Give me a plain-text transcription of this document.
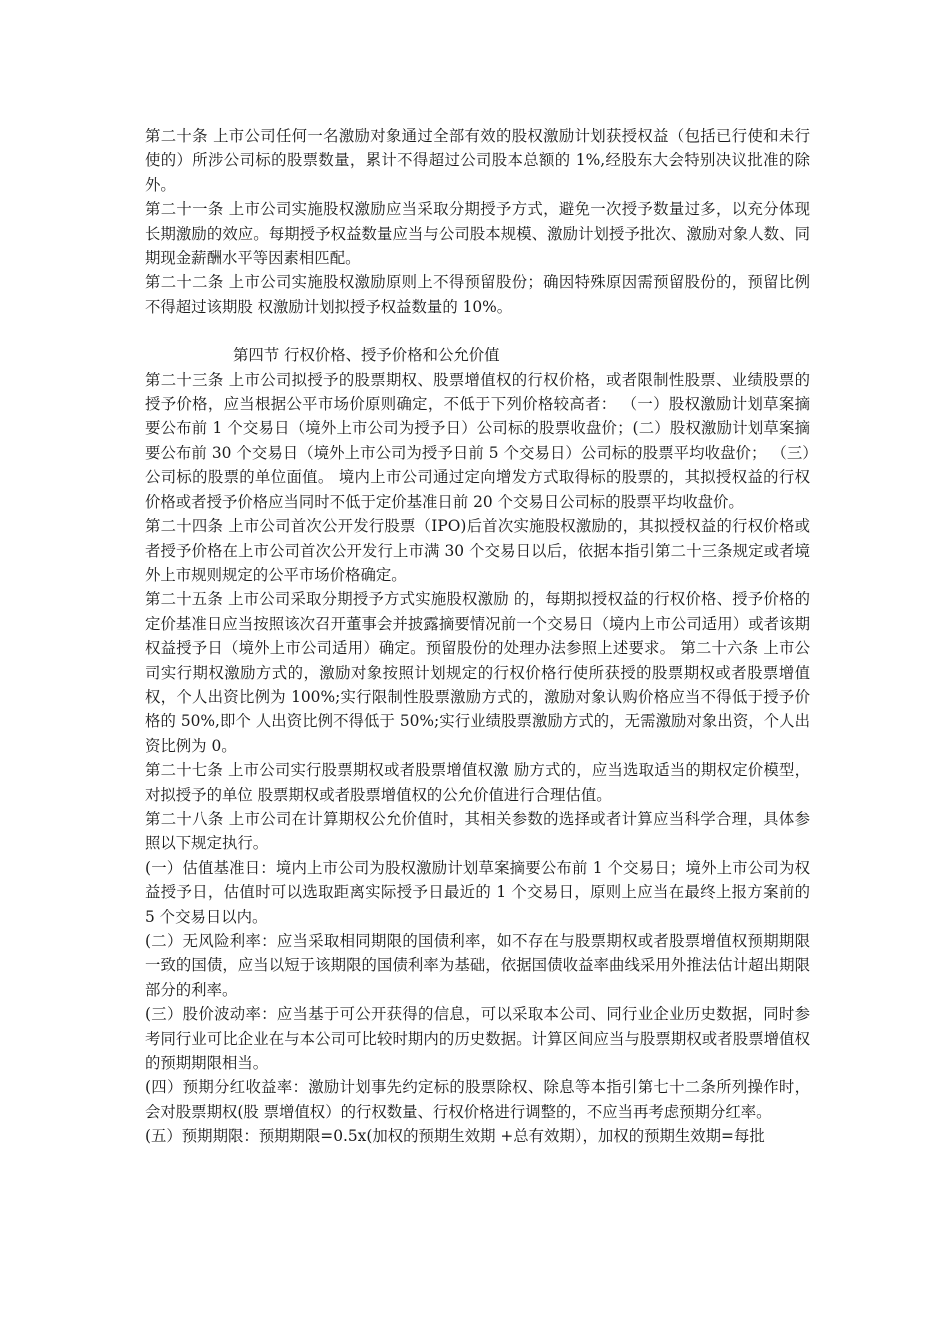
第二十条 上市公司任何一名激励对象通过全部有效的股权激励计划获授权益（包括已行使和未行使的）所涉公司标的股票数量，累计不得超过公司股本总额的 1%,经股东大会特别决议批准的除外。

第二十一条 上市公司实施股权激励应当采取分期授予方式，避免一次授予数量过多，以充分体现长期激励的效应。每期授予权益数量应当与公司股本规模、激励计划授予批次、激励对象人数、同期现金薪酬水平等因素相匹配。

第二十二条 上市公司实施股权激励原则上不得预留股份；确因特殊原因需预留股份的，预留比例不得超过该期股 权激励计划拟授予权益数量的 10%。

第四节 行权价格、授予价格和公允价值

第二十三条 上市公司拟授予的股票期权、股票增值权的行权价格，或者限制性股票、业绩股票的授予价格，应当根据公平市场价原则确定，不低于下列价格较高者： （一）股权激励计划草案摘要公布前 1 个交易日（境外上市公司为授予日）公司标的股票收盘价；(二）股权激励计划草案摘要公布前 30 个交易日（境外上市公司为授予日前 5 个交易日）公司标的股票平均收盘价； （三）公司标的股票的单位面值。 境内上市公司通过定向增发方式取得标的股票的，其拟授权益的行权价格或者授予价格应当同时不低于定价基准日前 20 个交易日公司标的股票平均收盘价。

第二十四条 上市公司首次公开发行股票（IPO)后首次实施股权激励的，其拟授权益的行权价格或者授予价格在上市公司首次公开发行上市满 30 个交易日以后，依据本指引第二十三条规定或者境外上市规则规定的公平市场价格确定。

第二十五条 上市公司采取分期授予方式实施股权激励 的，每期拟授权益的行权价格、授予价格的定价基准日应当按照该次召开董事会并披露摘要情况前一个交易日（境内上市公司适用）或者该期权益授予日（境外上市公司适用）确定。预留股份的处理办法参照上述要求。 第二十六条 上市公司实行期权激励方式的，激励对象按照计划规定的行权价格行使所获授的股票期权或者股票增值权，个人出资比例为 100%;实行限制性股票激励方式的，激励对象认购价格应当不得低于授予价格的 50%,即个 人出资比例不得低于 50%;实行业绩股票激励方式的，无需激励对象出资，个人出资比例为 0。

第二十七条 上市公司实行股票期权或者股票增值权激 励方式的，应当选取适当的期权定价模型，对拟授予的单位 股票期权或者股票增值权的公允价值进行合理估值。

第二十八条 上市公司在计算期权公允价值时，其相关参数的选择或者计算应当科学合理，具体参照以下规定执行。

(一）估值基准日：境内上市公司为股权激励计划草案摘要公布前 1 个交易日；境外上市公司为权益授予日，估值时可以选取距离实际授予日最近的 1 个交易日，原则上应当在最终上报方案前的 5 个交易日以内。

(二）无风险利率：应当采取相同期限的国债利率，如不存在与股票期权或者股票增值权预期期限一致的国债，应当以短于该期限的国债利率为基础，依据国债收益率曲线采用外推法估计超出期限部分的利率。

(三）股价波动率：应当基于可公开获得的信息，可以采取本公司、同行业企业历史数据，同时参考同行业可比企业在与本公司可比较时期内的历史数据。计算区间应当与股票期权或者股票增值权的预期期限相当。

(四）预期分红收益率：激励计划事先约定标的股票除权、除息等本指引第七十二条所列操作时，会对股票期权(股 票增值权）的行权数量、行权价格进行调整的，不应当再考虑预期分红率。

(五）预期期限：预期期限=0.5x(加权的预期生效期 +总有效期），加权的预期生效期=每批
